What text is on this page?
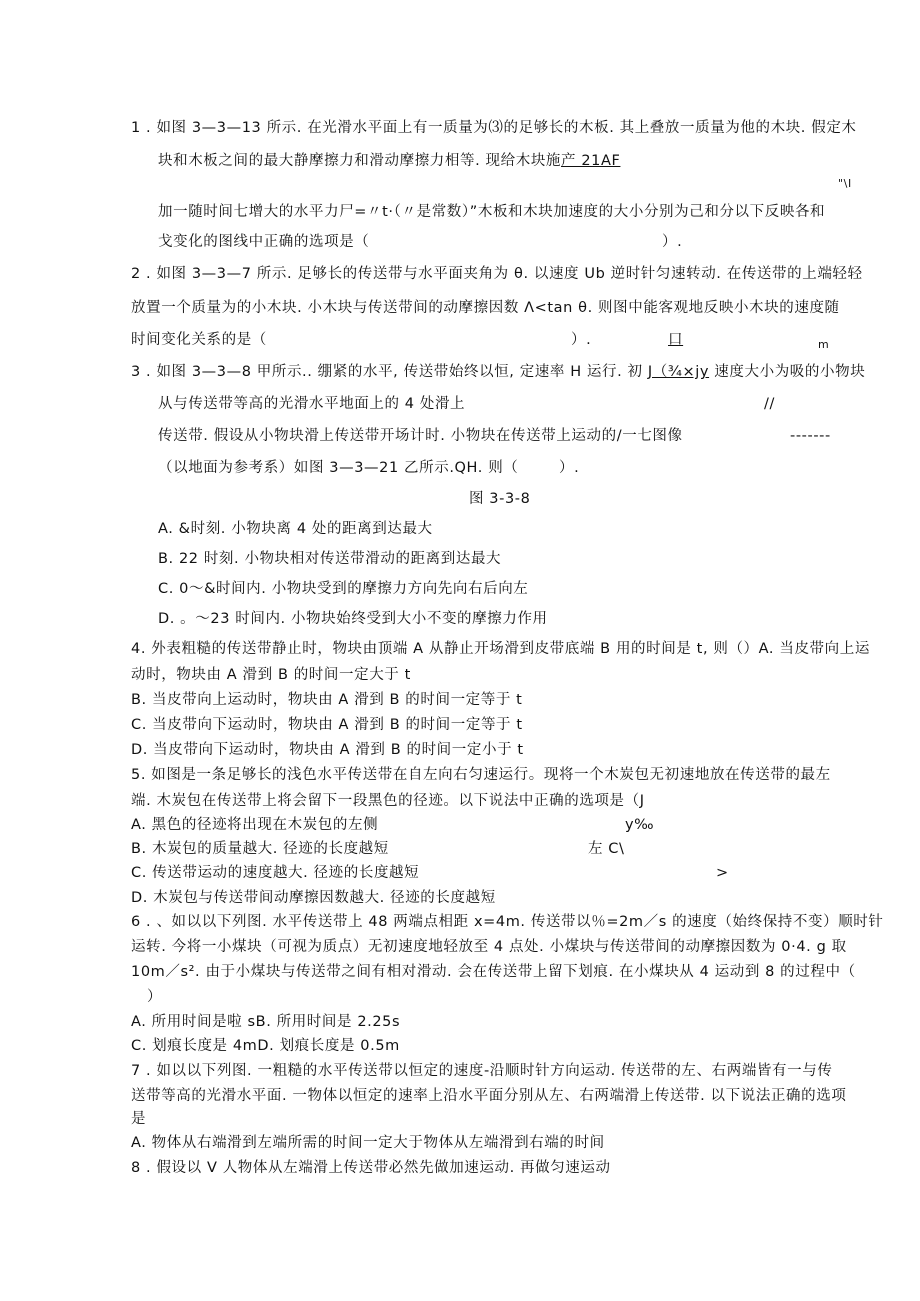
1 . 如图 3—3—13 所示. 在光滑水平面上有一质量为⑶的足够长的木板. 其上叠放一质量为他的木块. 假定木
块和木板之间的最大静摩擦力和滑动摩擦力相等. 现给木块施产 21AF
"\I
加一随时间七增大的水平力尸=〃t·（〃是常数）”木板和木块加速度的大小分别为己和分以下反映各和
戈变化的图线中正确的选项是（	）.
2 . 如图 3—3—7 所示. 足够长的传送带与水平面夹角为 θ. 以速度 Ub 逆时针匀速转动. 在传送带的上端轻轻
放置一个质量为的小木块. 小木块与传送带间的动摩擦因数 Λ<tan θ. 则图中能客观地反映小木块的速度随
时间变化关系的是（	）.	口	m
3 . 如图 3—3—8 甲所示.. 绷紧的水平, 传送带始终以恒, 定速率 H 运行. 初 J（¾×jy 速度大小为吸的小物块
从与传送带等高的光滑水平地面上的 4 处滑上	//
传送带. 假设从小物块滑上传送带开场计时. 小物块在传送带上运动的/一七图像	-------
（以地面为参考系）如图 3—3—21 乙所示.QH. 则（	）.
图 3-3-8
A. &时刻. 小物块离 4 处的距离到达最大
B. 22 时刻. 小物块相对传送带滑动的距离到达最大
C. 0～&时间内. 小物块受到的摩擦力方向先向右后向左
D. 。～23 时间内. 小物块始终受到大小不变的摩擦力作用
4. 外表粗糙的传送带静止时，物块由顶端 A 从静止开场滑到皮带底端 B 用的时间是 t, 则（）A. 当皮带向上运
动时，物块由 A 滑到 B 的时间一定大于 t
B. 当皮带向上运动时，物块由 A 滑到 B 的时间一定等于 t
C. 当皮带向下运动时，物块由 A 滑到 B 的时间一定等于 t
D. 当皮带向下运动时，物块由 A 滑到 B 的时间一定小于 t
5. 如图是一条足够长的浅色水平传送带在自左向右匀速运行。现将一个木炭包无初速地放在传送带的最左
端. 木炭包在传送带上将会留下一段黑色的径迹。以下说法中正确的选项是（J
A. 黑色的径迹将出现在木炭包的左侧	y‰
B. 木炭包的质量越大. 径迹的长度越短	左 C\
C. 传送带运动的速度越大. 径迹的长度越短	>
D. 木炭包与传送带间动摩擦因数越大. 径迹的长度越短
6 . 、如以以下列图. 水平传送带上 48 两端点相距 x=4m. 传送带以％=2m／s 的速度（始终保持不变）顺时针
运转. 今将一小煤块（可视为质点）无初速度地轻放至 4 点处. 小煤块与传送带间的动摩擦因数为 0·4. g 取
10m／s². 由于小煤块与传送带之间有相对滑动. 会在传送带上留下划痕. 在小煤块从 4 运动到 8 的过程中（
）
A. 所用时间是啦 sB. 所用时间是 2.25s
C. 划痕长度是 4mD. 划痕长度是 0.5m
7 . 如以以下列图. 一粗糙的水平传送带以恒定的速度-沿顺时针方向运动. 传送带的左、右两端皆有一与传
送带等高的光滑水平面. 一物体以恒定的速率上沿水平面分别从左、右两端滑上传送带. 以下说法正确的选项
是
A. 物体从右端滑到左端所需的时间一定大于物体从左端滑到右端的时间
8 . 假设以 V 人物体从左端滑上传送带必然先做加速运动. 再做匀速运动
